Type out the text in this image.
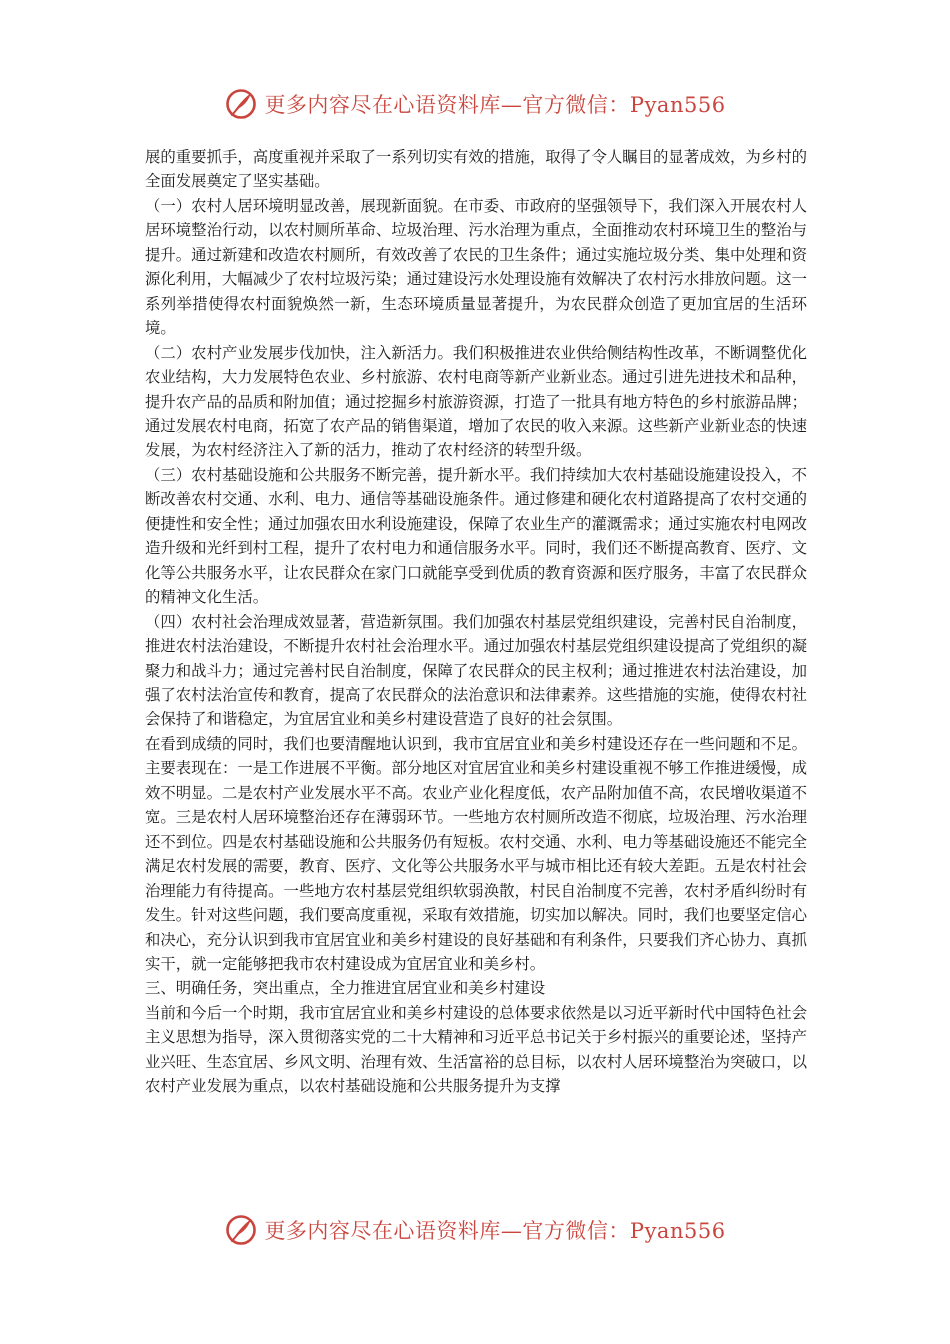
更多内容尽在心语资料库—官方微信：Pyan556

展的重要抓手，高度重视并采取了一系列切实有效的措施，取得了令人瞩目的显著成效，为乡村的全面发展奠定了坚实基础。

（一）农村人居环境明显改善，展现新面貌。在市委、市政府的坚强领导下，我们深入开展农村人居环境整治行动，以农村厕所革命、垃圾治理、污水治理为重点，全面推动农村环境卫生的整治与提升。通过新建和改造农村厕所，有效改善了农民的卫生条件；通过实施垃圾分类、集中处理和资源化利用，大幅减少了农村垃圾污染；通过建设污水处理设施有效解决了农村污水排放问题。这一系列举措使得农村面貌焕然一新，生态环境质量显著提升，为农民群众创造了更加宜居的生活环境。

（二）农村产业发展步伐加快，注入新活力。我们积极推进农业供给侧结构性改革，不断调整优化农业结构，大力发展特色农业、乡村旅游、农村电商等新产业新业态。通过引进先进技术和品种，提升农产品的品质和附加值；通过挖掘乡村旅游资源，打造了一批具有地方特色的乡村旅游品牌；通过发展农村电商，拓宽了农产品的销售渠道，增加了农民的收入来源。这些新产业新业态的快速发展，为农村经济注入了新的活力，推动了农村经济的转型升级。

（三）农村基础设施和公共服务不断完善，提升新水平。我们持续加大农村基础设施建设投入，不断改善农村交通、水利、电力、通信等基础设施条件。通过修建和硬化农村道路提高了农村交通的便捷性和安全性；通过加强农田水利设施建设，保障了农业生产的灌溉需求；通过实施农村电网改造升级和光纤到村工程，提升了农村电力和通信服务水平。同时，我们还不断提高教育、医疗、文化等公共服务水平，让农民群众在家门口就能享受到优质的教育资源和医疗服务，丰富了农民群众的精神文化生活。

（四）农村社会治理成效显著，营造新氛围。我们加强农村基层党组织建设，完善村民自治制度，推进农村法治建设，不断提升农村社会治理水平。通过加强农村基层党组织建设提高了党组织的凝聚力和战斗力；通过完善村民自治制度，保障了农民群众的民主权利；通过推进农村法治建设，加强了农村法治宣传和教育，提高了农民群众的法治意识和法律素养。这些措施的实施，使得农村社会保持了和谐稳定，为宜居宜业和美乡村建设营造了良好的社会氛围。

在看到成绩的同时，我们也要清醒地认识到，我市宜居宜业和美乡村建设还存在一些问题和不足。主要表现在：一是工作进展不平衡。部分地区对宜居宜业和美乡村建设重视不够工作推进缓慢，成效不明显。二是农村产业发展水平不高。农业产业化程度低，农产品附加值不高，农民增收渠道不宽。三是农村人居环境整治还存在薄弱环节。一些地方农村厕所改造不彻底，垃圾治理、污水治理还不到位。四是农村基础设施和公共服务仍有短板。农村交通、水利、电力等基础设施还不能完全满足农村发展的需要，教育、医疗、文化等公共服务水平与城市相比还有较大差距。五是农村社会治理能力有待提高。一些地方农村基层党组织软弱涣散，村民自治制度不完善，农村矛盾纠纷时有发生。针对这些问题，我们要高度重视，采取有效措施，切实加以解决。同时，我们也要坚定信心和决心，充分认识到我市宜居宜业和美乡村建设的良好基础和有利条件，只要我们齐心协力、真抓实干，就一定能够把我市农村建设成为宜居宜业和美乡村。

三、明确任务，突出重点，全力推进宜居宜业和美乡村建设

当前和今后一个时期，我市宜居宜业和美乡村建设的总体要求依然是以习近平新时代中国特色社会主义思想为指导，深入贯彻落实党的二十大精神和习近平总书记关于乡村振兴的重要论述，坚持产业兴旺、生态宜居、乡风文明、治理有效、生活富裕的总目标，以农村人居环境整治为突破口，以农村产业发展为重点，以农村基础设施和公共服务提升为支撑

更多内容尽在心语资料库—官方微信：Pyan556
